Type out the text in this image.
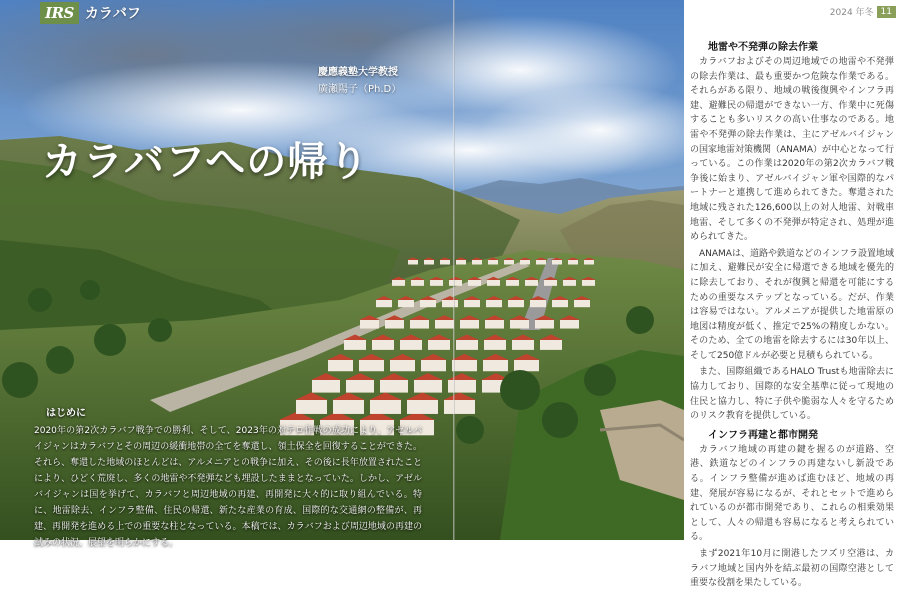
IRS カラバフ
慶應義塾大学教授
廣瀬陽子（Ph.D）
カラバフへの帰り
はじめに

2020年の第2次カラバフ戦争での勝利、そして、2023年の対テロ作戦の成功により、アゼルバイジャンはカラバフとその周辺の緩衝地帯の全てを奪還し、領土保全を回復することができた。それら、奪還した地域のほとんどは、アルメニアとの戦争に加え、その後に長年放置されたことにより、ひどく荒廃し、多くの地雷や不発弾なども埋設したままとなっていた。しかし、アゼルバイジャンは国を挙げて、カラバフと周辺地域の再建、再開発に大々的に取り組んでいる。特に、地雷除去、インフラ整備、住民の帰還、新たな産業の育成、国際的な交通網の整備が、再建、再開発を進める上での重要な柱となっている。本稿では、カラバフおよび周辺地域の再建の試みの状況、展望を明らかにする。

2024 年冬 11
地雷や不発弾の除去作業

カラバフおよびその周辺地域での地雷や不発弾の除去作業は、最も重要かつ危険な作業である。それらがある限り、地域の戦後復興やインフラ再建、避難民の帰還ができない一方、作業中に死傷することも多いリスクの高い仕事なのである。地雷や不発弾の除去作業は、主にアゼルバイジャンの国家地雷対策機関（ANAMA）が中心となって行っている。この作業は2020年の第2次カラバフ戦争後に始まり、アゼルバイジャン軍や国際的なパートナーと連携して進められてきた。奪還された地域に残された126,600以上の対人地雷、対戦車地雷、そして多くの不発弾が特定され、処理が進められてきた。

ANAMAは、道路や鉄道などのインフラ設置地域に加え、避難民が安全に帰還できる地域を優先的に除去しており、それが復興と帰還を可能にするための重要なステップとなっている。だが、作業は容易ではない。アルメニアが提供した地雷原の地図は精度が低く、推定で25%の精度しかない。そのため、全ての地雷を除去するには30年以上、そして250億ドルが必要と見積もられている。

また、国際組織であるHALO Trustも地雷除去に協力しており、国際的な安全基準に従って現地の住民と協力し、特に子供や脆弱な人々を守るためのリスク教育を提供している。

インフラ再建と都市開発

カラバフ地域の再建の鍵を握るのが道路、空港、鉄道などのインフラの再建ないし新設である。インフラ整備が進めば進むほど、地域の再建、発展が容易になるが、それとセットで進められているのが都市開発であり、これらの相乗効果として、人々の帰還も容易になると考えられている。

まず2021年10月に開港したフズリ空港は、カラバフ地域と国内外を結ぶ最初の国際空港として重要な役割を果たしている。
